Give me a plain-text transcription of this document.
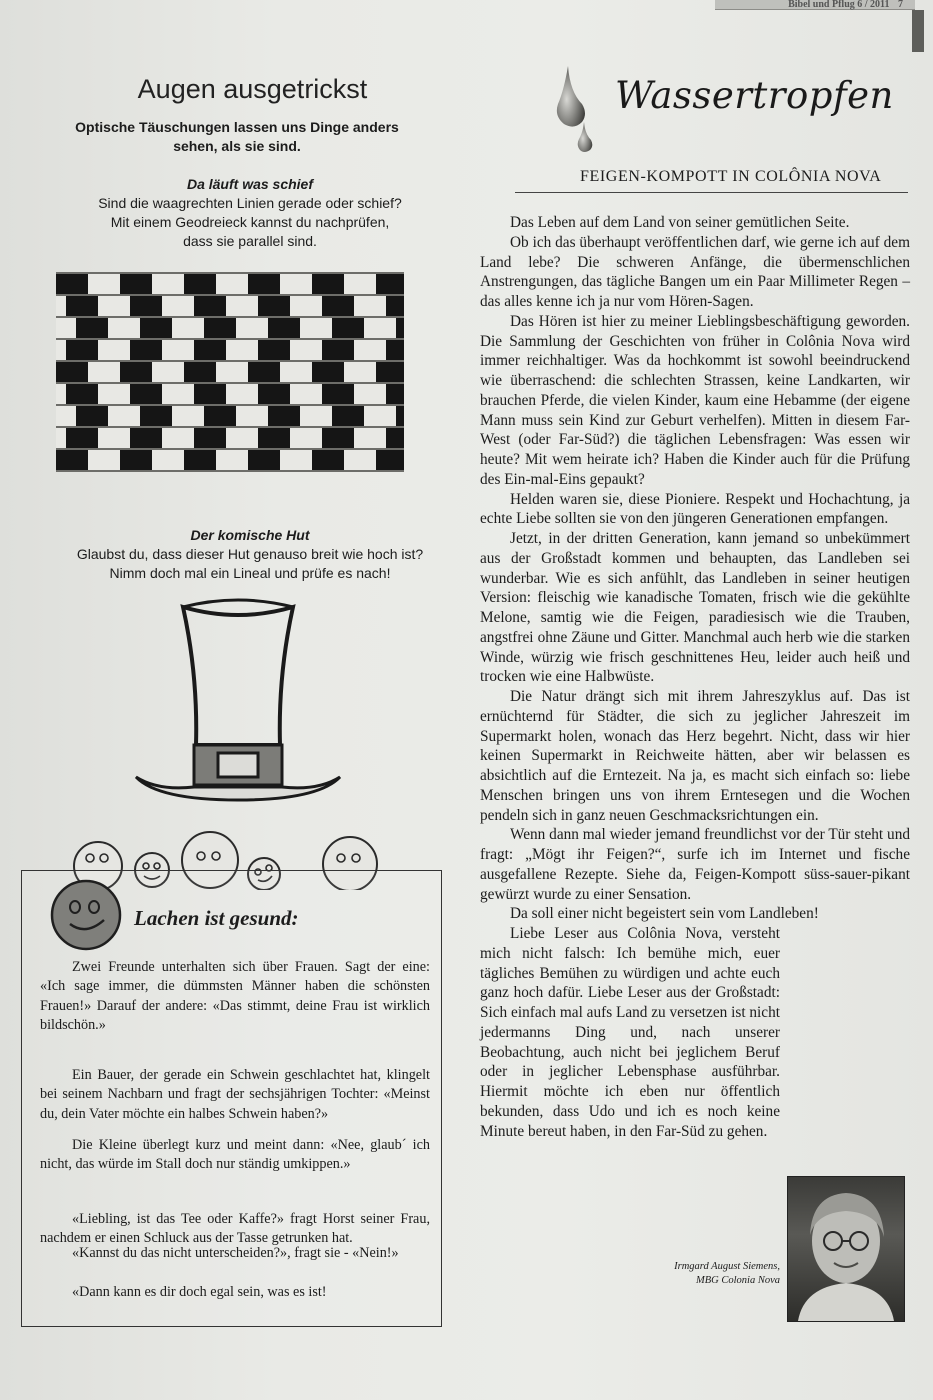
Bibel und Pflug 6 / 2011 7

Augen ausgetrickst
Optische Täuschungen lassen uns Dinge anders sehen, als sie sind.
Da läuft was schief
Sind die waagrechten Linien gerade oder schief?
Mit einem Geodreieck kannst du nachprüfen,
dass sie parallel sind.
Der komische Hut
Glaubst du, dass dieser Hut genauso breit wie hoch ist?
Nimm doch mal ein Lineal und prüfe es nach!
Lachen ist gesund:
Zwei Freunde unterhalten sich über Frauen. Sagt der eine: «Ich sage immer, die dümmsten Männer haben die schönsten Frauen!» Darauf der andere: «Das stimmt, deine Frau ist wirklich bildschön.»
Ein Bauer, der gerade ein Schwein geschlachtet hat, klingelt bei seinem Nachbarn und fragt der sechsjährigen Tochter: «Meinst du, dein Vater möchte ein halbes Schwein haben?»
Die Kleine überlegt kurz und meint dann: «Nee, glaub´ ich nicht, das würde im Stall doch nur ständig umkippen.»
«Liebling, ist das Tee oder Kaffe?» fragt Horst seiner Frau, nachdem er einen Schluck aus der Tasse getrunken hat.
«Kannst du das nicht unterscheiden?», fragt sie - «Nein!»
«Dann kann es dir doch egal sein, was es ist!
Wassertropfen
FEIGEN-KOMPOTT IN COLÔNIA NOVA

Das Leben auf dem Land von seiner gemütlichen Seite.

Ob ich das überhaupt veröffentlichen darf, wie gerne ich auf dem Land lebe? Die schweren Anfänge, die übermenschlichen Anstrengungen, das tägliche Bangen um ein Paar Millimeter Regen – das alles kenne ich ja nur vom Hören-Sagen.

Das Hören ist hier zu meiner Lieblingsbeschäftigung geworden. Die Sammlung der Geschichten von früher in Colônia Nova wird immer reichhaltiger. Was da hochkommt ist sowohl beeindruckend wie überraschend: die schlechten Strassen, keine Landkarten, wir brauchen Pferde, die vielen Kinder, kaum eine Hebamme (der eigene Mann muss sein Kind zur Geburt verhelfen). Mitten in diesem Far-West (oder Far-Süd?) die täglichen Lebensfragen: Was essen wir heute? Mit wem heirate ich? Haben die Kinder auch für die Prüfung des Ein-mal-Eins gepaukt?

Helden waren sie, diese Pioniere. Respekt und Hochachtung, ja echte Liebe sollten sie von den jüngeren Generationen empfangen.

Jetzt, in der dritten Generation, kann jemand so unbekümmert aus der Großstadt kommen und behaupten, das Landleben sei wunderbar. Wie es sich anfühlt, das Landleben in seiner heutigen Version: fleischig wie kanadische Tomaten, frisch wie die gekühlte Melone, samtig wie die Feigen, paradiesisch wie die Trauben, angstfrei ohne Zäune und Gitter. Manchmal auch herb wie die starken Winde, würzig wie frisch geschnittenes Heu, leider auch heiß und trocken wie eine Halbwüste.

Die Natur drängt sich mit ihrem Jahreszyklus auf. Das ist ernüchternd für Städter, die sich zu jeglicher Jahreszeit im Supermarkt holen, wonach das Herz begehrt. Nicht, dass wir hier keinen Supermarkt in Reichweite hätten, aber wir belassen es absichtlich auf die Erntezeit. Na ja, es macht sich einfach so: liebe Menschen bringen uns von ihrem Erntesegen und die Wochen pendeln sich in ganz neuen Geschmacksrichtungen ein.

Wenn dann mal wieder jemand freundlichst vor der Tür steht und fragt: „Mögt ihr Feigen?“, surfe ich im Internet und fische ausgefallene Rezepte. Siehe da, Feigen-Kompott süss-sauer-pikant gewürzt wurde zu einer Sensation.

Da soll einer nicht begeistert sein vom Landleben!

Liebe Leser aus Colônia Nova, versteht mich nicht falsch: Ich bemühe mich, euer tägliches Bemühen zu würdigen und achte euch ganz hoch dafür. Liebe Leser aus der Großstadt: Sich einfach mal aufs Land zu versetzen ist nicht jedermanns Ding und, nach unserer Beobachtung, auch nicht bei jeglichem Beruf oder in jeglicher Lebensphase ausführbar. Hiermit möchte ich eben nur öffentlich bekunden, dass Udo und ich es noch keine Minute bereut haben, in den Far-Süd zu gehen.

Irmgard August Siemens,
MBG Colonia Nova
